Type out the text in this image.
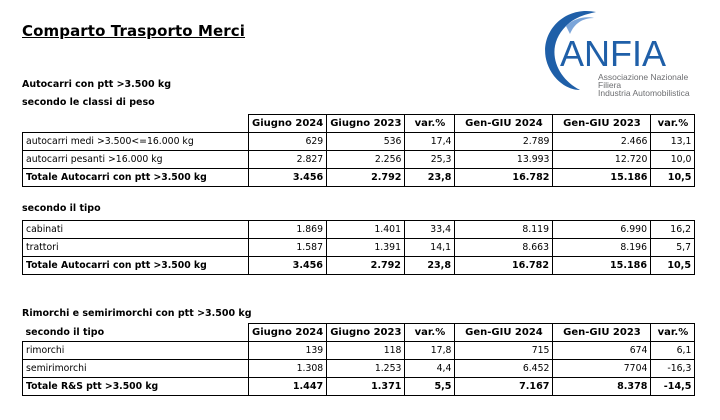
Comparto Trasporto Merci
ANFIA
Associazione Nazionale
Filiera
Industria Automobilistica
Autocarri con ptt >3.500 kg
secondo le classi di peso
	Giugno 2024	Giugno 2023	var.%	Gen-GIU 2024	Gen-GIU 2023	var.%
autocarri medi >3.500<=16.000 kg	629	536	17,4	2.789	2.466	13,1
autocarri pesanti >16.000 kg	2.827	2.256	25,3	13.993	12.720	10,0
Totale Autocarri con ptt >3.500 kg	3.456	2.792	23,8	16.782	15.186	10,5
secondo il tipo
cabinati	1.869	1.401	33,4	8.119	6.990	16,2
trattori	1.587	1.391	14,1	8.663	8.196	5,7
Totale Autocarri con ptt >3.500 kg	3.456	2.792	23,8	16.782	15.186	10,5
Rimorchi e semirimorchi con ptt >3.500 kg
secondo il tipo	Giugno 2024	Giugno 2023	var.%	Gen-GIU 2024	Gen-GIU 2023	var.%
rimorchi	139	118	17,8	715	674	6,1
semirimorchi	1.308	1.253	4,4	6.452	7704	-16,3
Totale R&S ptt >3.500 kg	1.447	1.371	5,5	7.167	8.378	-14,5
